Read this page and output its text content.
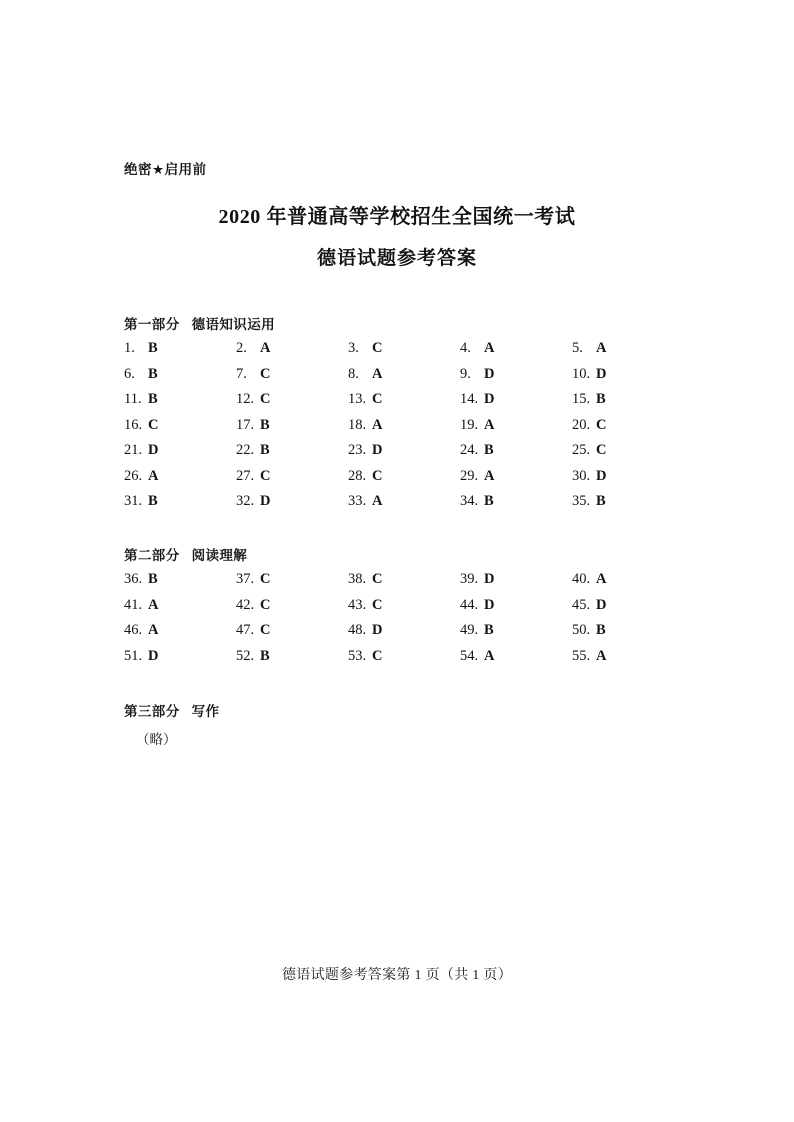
绝密★启用前
2020 年普通高等学校招生全国统一考试
德语试题参考答案
第一部分 德语知识运用
1. B	2. A	3. C	4. A	5. A
6. B	7. C	8. A	9. D	10. D
11. B	12. C	13. C	14. D	15. B
16. C	17. B	18. A	19. A	20. C
21. D	22. B	23. D	24. B	25. C
26. A	27. C	28. C	29. A	30. D
31. B	32. D	33. A	34. B	35. B
第二部分 阅读理解
36. B	37. C	38. C	39. D	40. A
41. A	42. C	43. C	44. D	45. D
46. A	47. C	48. D	49. B	50. B
51. D	52. B	53. C	54. A	55. A
第三部分 写作
（略）
德语试题参考答案第 1 页（共 1 页）
